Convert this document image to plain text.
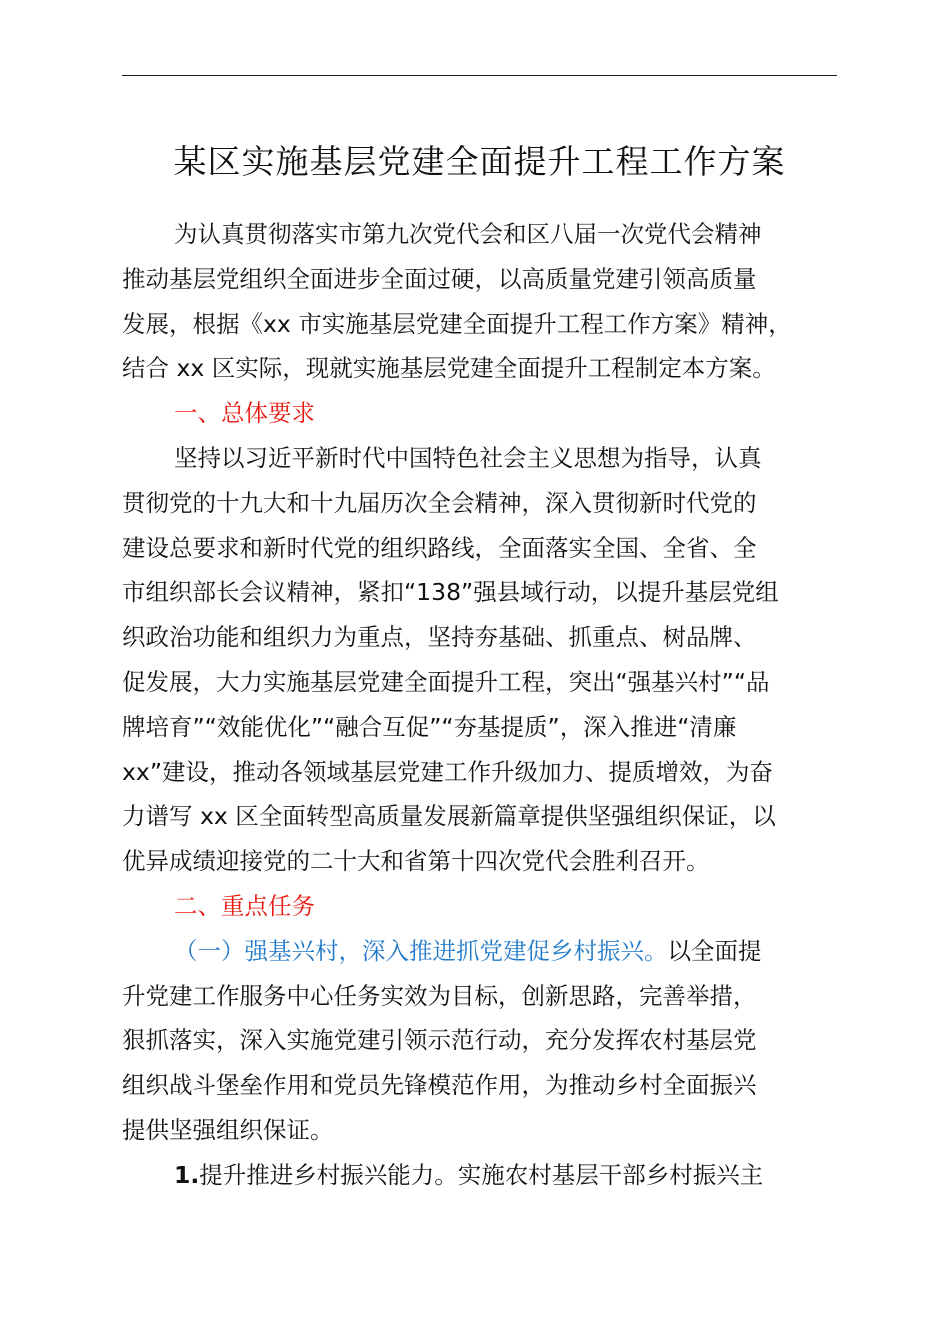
某区实施基层党建全面提升工程工作方案
为认真贯彻落实市第九次党代会和区八届一次党代会精神
推动基层党组织全面进步全面过硬，以高质量党建引领高质量
发展，根据《xx 市实施基层党建全面提升工程工作方案》精神，
结合 xx 区实际，现就实施基层党建全面提升工程制定本方案。
一、总体要求
坚持以习近平新时代中国特色社会主义思想为指导，认真
贯彻党的十九大和十九届历次全会精神，深入贯彻新时代党的
建设总要求和新时代党的组织路线，全面落实全国、全省、全
市组织部长会议精神，紧扣“138”强县域行动，以提升基层党组
织政治功能和组织力为重点，坚持夯基础、抓重点、树品牌、
促发展，大力实施基层党建全面提升工程，突出“强基兴村”“品
牌培育”“效能优化”“融合互促”“夯基提质”，深入推进“清廉
xx”建设，推动各领域基层党建工作升级加力、提质增效，为奋
力谱写 xx 区全面转型高质量发展新篇章提供坚强组织保证，以
优异成绩迎接党的二十大和省第十四次党代会胜利召开。
二、重点任务
（一）强基兴村，深入推进抓党建促乡村振兴。以全面提
升党建工作服务中心任务实效为目标，创新思路，完善举措，
狠抓落实，深入实施党建引领示范行动，充分发挥农村基层党
组织战斗堡垒作用和党员先锋模范作用，为推动乡村全面振兴
提供坚强组织保证。
1.提升推进乡村振兴能力。实施农村基层干部乡村振兴主
